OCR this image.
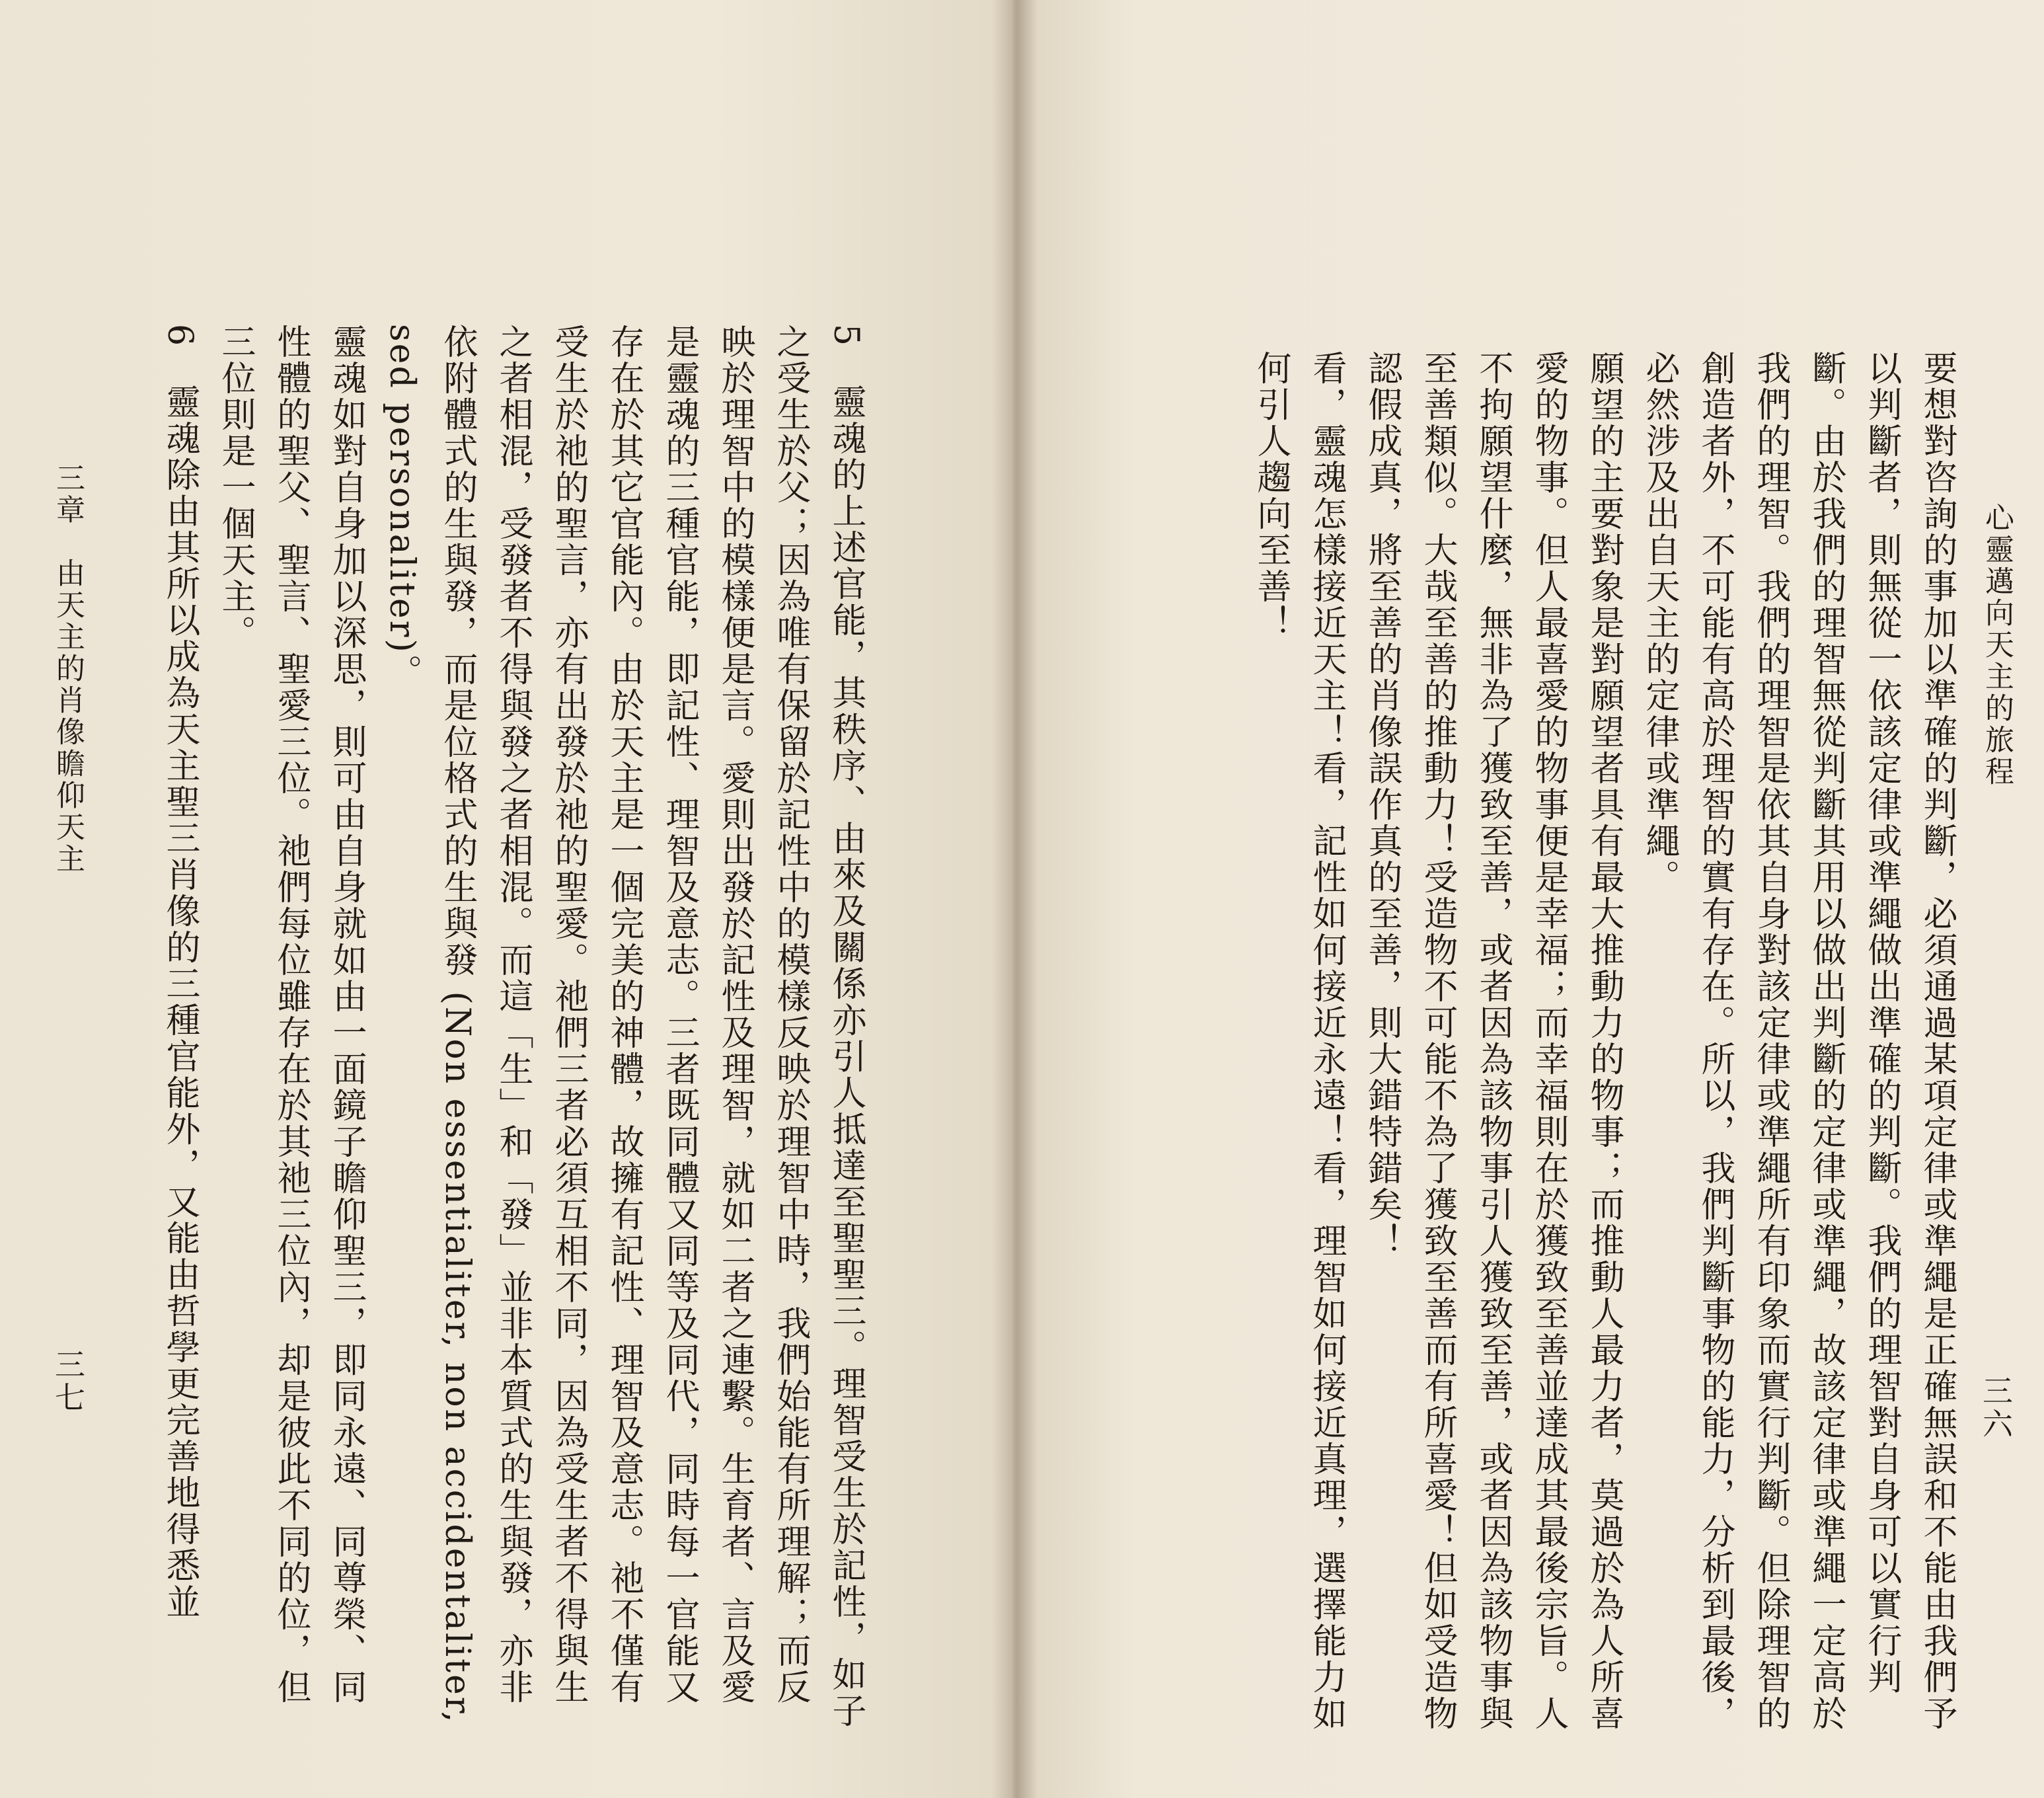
心靈邁向天主的旅程
三六

要想對咨詢的事加以準確的判斷，必須通過某項定律或準繩是正確無誤和不能由我們予以判斷者，則無從一依該定律或準繩做出準確的判斷。我們的理智對自身可以實行判斷。由於我們的理智無從判斷其用以做出判斷的定律或準繩，故該定律或準繩一定高於我們的理智。我們的理智是依其自身對該定律或準繩所有印象而實行判斷。但除理智的創造者外，不可能有高於理智的實有存在。所以，我們判斷事物的能力，分析到最後，必然涉及出自天主的定律或準繩。

願望的主要對象是對願望者具有最大推動力的物事；而推動人最力者，莫過於為人所喜愛的物事。但人最喜愛的物事便是幸福；而幸福則在於獲致至善並達成其最後宗旨。人不拘願望什麼，無非為了獲致至善，或者因為該物事引人獲致至善，或者因為該物事與至善類似。大哉至善的推動力！受造物不可能不為了獲致至善而有所喜愛！但如受造物認假成真，將至善的肖像誤作真的至善，則大錯特錯矣！

看，靈魂怎樣接近天主！看，記性如何接近永遠！看，理智如何接近真理，選擇能力如何引人趨向至善！

三章　由天主的肖像瞻仰天主
三七	5　靈魂的上述官能，其秩序、由來及關係亦引人抵達至聖聖三。理智受生於記性，如子之受生於父；因為唯有保留於記性中的模樣反映於理智中時，我們始能有所理解；而反映於理智中的模樣便是言。愛則出發於記性及理智，就如二者之連繫。生育者、言及愛是靈魂的三種官能，即記性、理智及意志。三者既同體又同等及同代，同時每一官能又存在於其它官能內。由於天主是一個完美的神體，故擁有記性、理智及意志。祂不僅有受生於祂的聖言，亦有出發於祂的聖愛。祂們三者必須互相不同，因為受生者不得與生之者相混，受發者不得與發之者相混。而這「生」和「發」並非本質式的生與發，亦非依附體式的生與發，而是位格式的生與發 (Non essentialiter, non accidentaliter, sed personaliter)。

靈魂如對自身加以深思，則可由自身就如由一面鏡子瞻仰聖三，即同永遠、同尊榮、同性體的聖父、聖言、聖愛三位。祂們每位雖存在於其祂三位內，却是彼此不同的位，但三位則是一個天主。

6　靈魂除由其所以成為天主聖三肖像的三種官能外，又能由哲學更完善地得悉並
